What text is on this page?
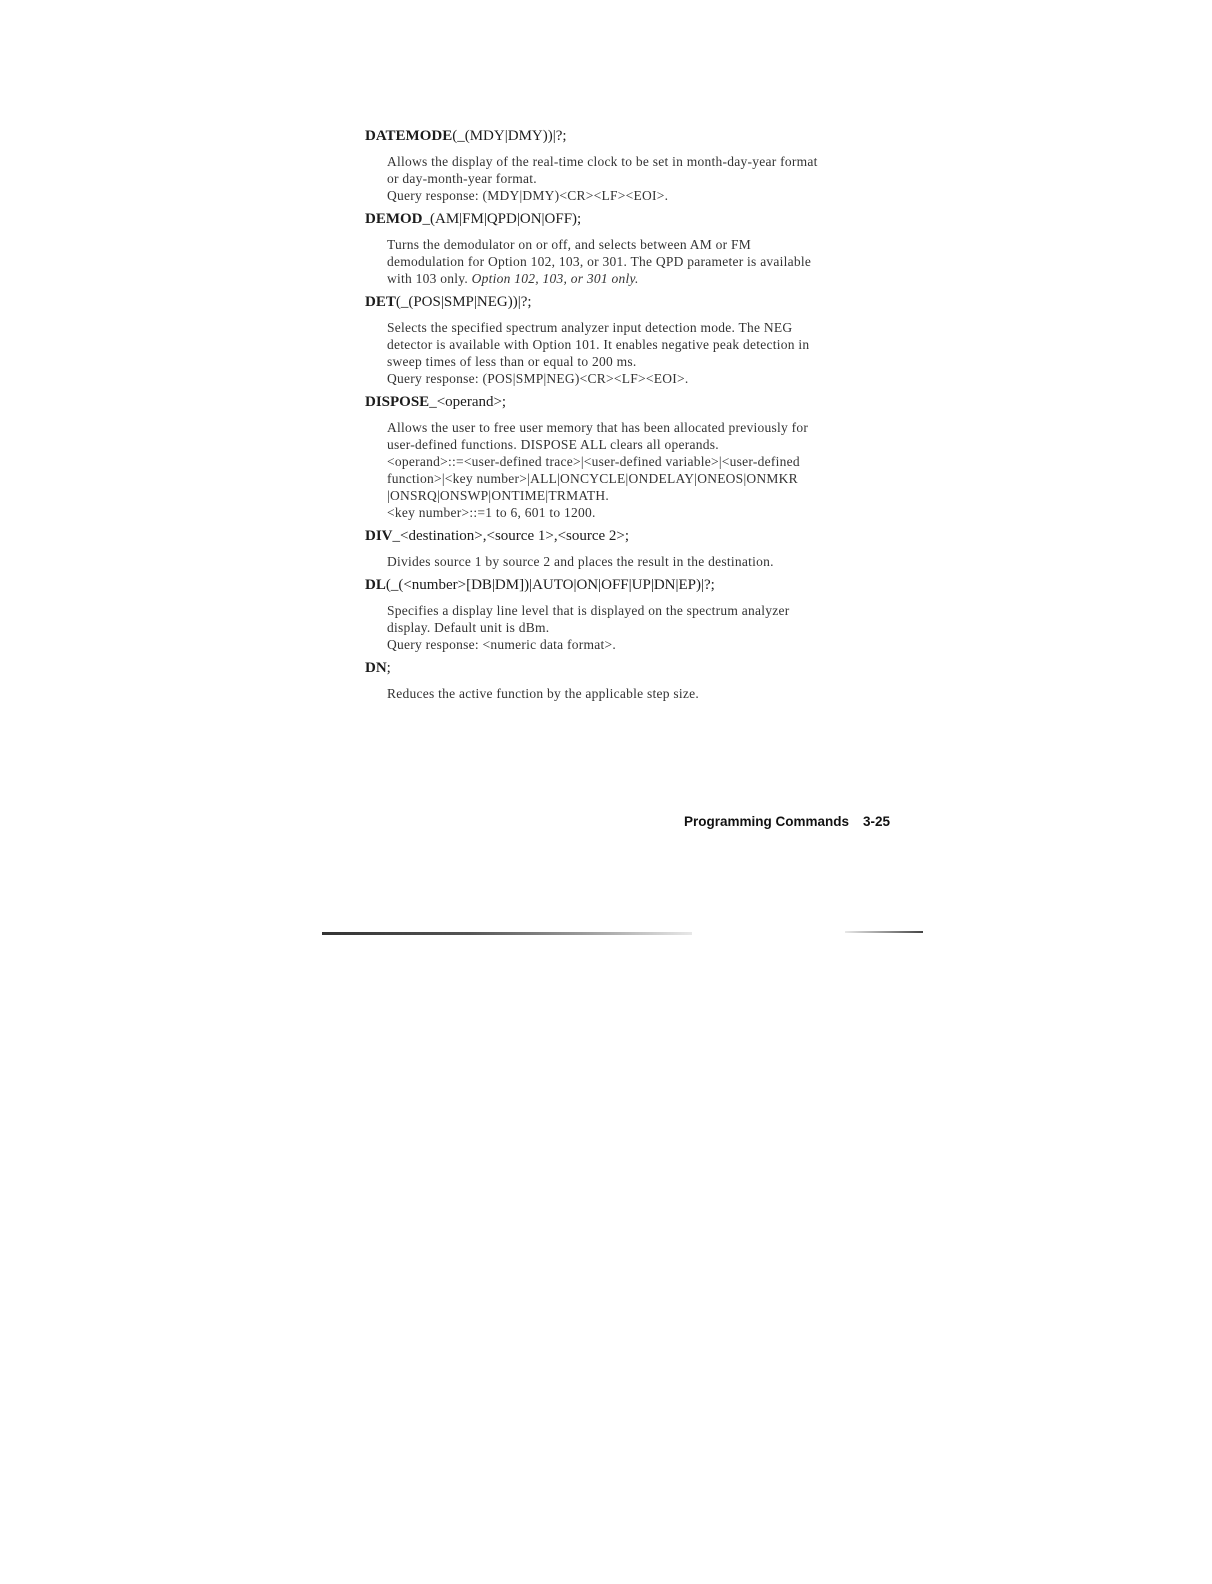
DATEMODE(_(MDY|DMY))|?;

Allows the display of the real-time clock to be set in month-day-year format
or day-month-year format.
Query response: (MDY|DMY)<CR><LF><EOI>.

DEMOD_(AM|FM|QPD|ON|OFF);

Turns the demodulator on or off, and selects between AM or FM
demodulation for Option 102, 103, or 301. The QPD parameter is available
with 103 only. Option 102, 103, or 301 only.

DET(_(POS|SMP|NEG))|?;

Selects the specified spectrum analyzer input detection mode. The NEG
detector is available with Option 101. It enables negative peak detection in
sweep times of less than or equal to 200 ms.
Query response: (POS|SMP|NEG)<CR><LF><EOI>.

DISPOSE_<operand>;

Allows the user to free user memory that has been allocated previously for
user-defined functions. DISPOSE ALL clears all operands.
<operand>::=<user-defined trace>|<user-defined variable>|<user-defined
function>|<key number>|ALL|ONCYCLE|ONDELAY|ONEOS|ONMKR
|ONSRQ|ONSWP|ONTIME|TRMATH.
<key number>::=1 to 6, 601 to 1200.

DIV_<destination>,<source 1>,<source 2>;

Divides source 1 by source 2 and places the result in the destination.

DL(_(<number>[DB|DM])|AUTO|ON|OFF|UP|DN|EP)|?;

Specifies a display line level that is displayed on the spectrum analyzer
display. Default unit is dBm.
Query response: <numeric data format>.

DN;

Reduces the active function by the applicable step size.
Programming Commands 3-25
